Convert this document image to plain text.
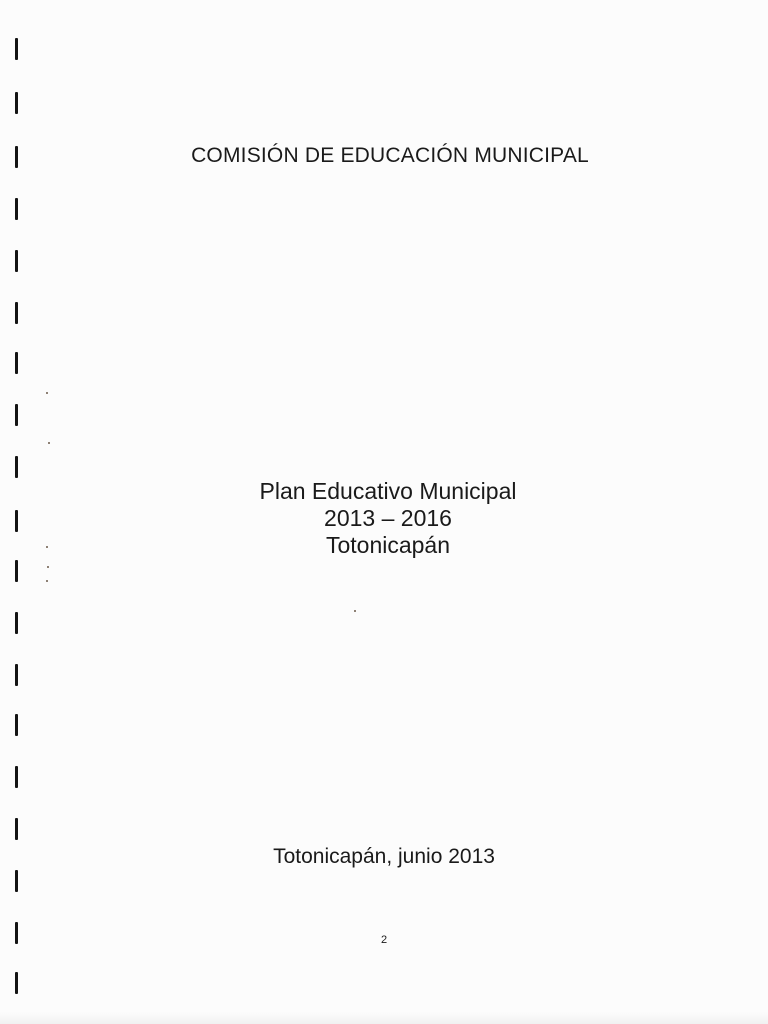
COMISIÓN DE EDUCACIÓN MUNICIPAL
Plan Educativo Municipal
2013 – 2016
Totonicapán
Totonicapán, junio 2013
2
